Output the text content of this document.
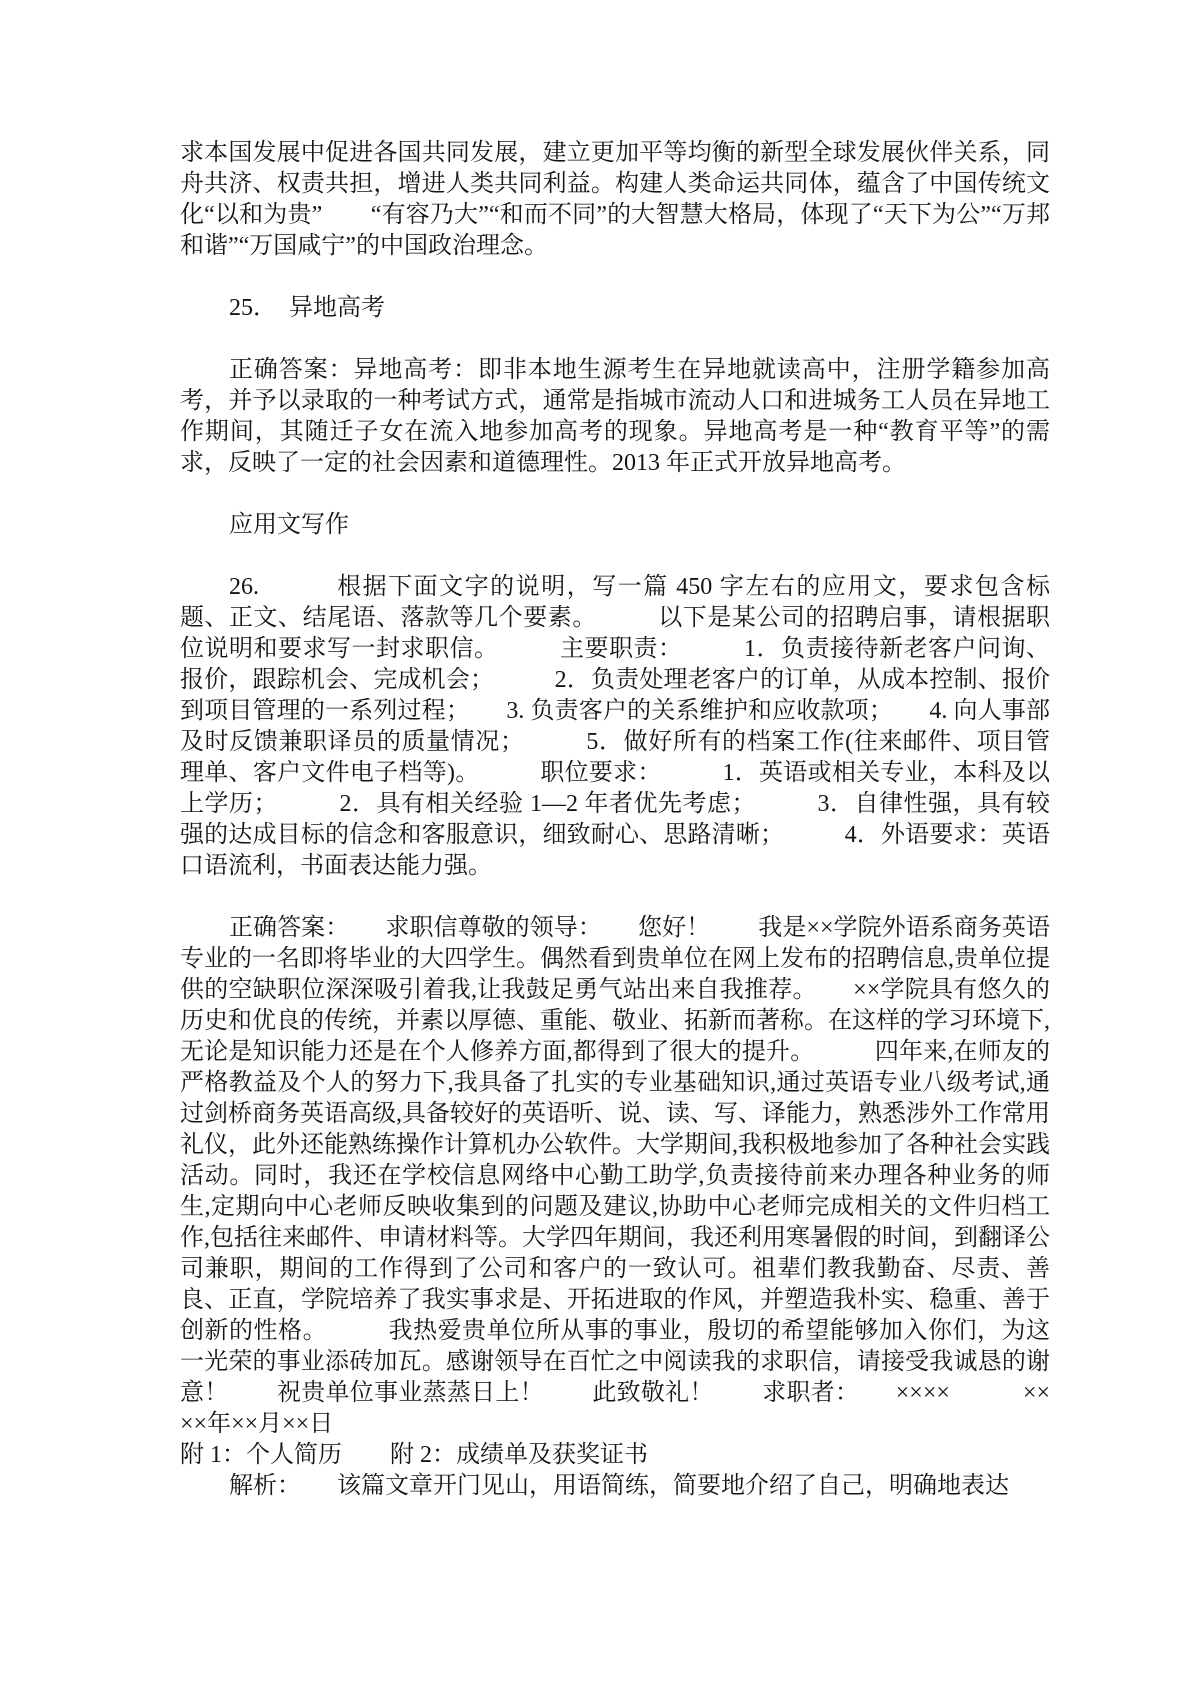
求本国发展中促进各国共同发展，建立更加平等均衡的新型全球发展伙伴关系，同舟共济、权责共担，增进人类共同利益。构建人类命运共同体，蕴含了中国传统文化“以和为贵”　　“有容乃大”“和而不同”的大智慧大格局，体现了“天下为公”“万邦和谐”“万国咸宁”的中国政治理念。

25．　异地高考

正确答案：异地高考：即非本地生源考生在异地就读高中，注册学籍参加高考，并予以录取的一种考试方式，通常是指城市流动人口和进城务工人员在异地工作期间，其随迁子女在流入地参加高考的现象。异地高考是一种“教育平等”的需求，反映了一定的社会因素和道德理性。2013 年正式开放异地高考。

应用文写作

26.　　　根据下面文字的说明，写一篇 450 字左右的应用文，要求包含标题、正文、结尾语、落款等几个要素。　　　以下是某公司的招聘启事，请根据职位说明和要求写一封求职信。　　　主要职责：　　　1．负责接待新老客户问询、报价，跟踪机会、完成机会；　　　2．负责处理老客户的订单，从成本控制、报价到项目管理的一系列过程；　　3. 负责客户的关系维护和应收款项；　　4. 向人事部及时反馈兼职译员的质量情况；　　　5．做好所有的档案工作(往来邮件、项目管理单、客户文件电子档等)。　　　职位要求：　　　1．英语或相关专业，本科及以上学历；　　　2．具有相关经验 1—2 年者优先考虑；　　　3．自律性强，具有较强的达成目标的信念和客服意识，细致耐心、思路清晰；　　　4．外语要求：英语口语流利，书面表达能力强。

正确答案：　　求职信尊敬的领导：　　您好！　　我是××学院外语系商务英语专业的一名即将毕业的大四学生。偶然看到贵单位在网上发布的招聘信息,贵单位提供的空缺职位深深吸引着我,让我鼓足勇气站出来自我推荐。　　××学院具有悠久的历史和优良的传统，并素以厚德、重能、敬业、拓新而著称。在这样的学习环境下,无论是知识能力还是在个人修养方面,都得到了很大的提升。　　　四年来,在师友的严格教益及个人的努力下,我具备了扎实的专业基础知识,通过英语专业八级考试,通过剑桥商务英语高级,具备较好的英语听、说、读、写、译能力，熟悉涉外工作常用礼仪，此外还能熟练操作计算机办公软件。大学期间,我积极地参加了各种社会实践活动。同时，我还在学校信息网络中心勤工助学,负责接待前来办理各种业务的师生,定期向中心老师反映收集到的问题及建议,协助中心老师完成相关的文件归档工作,包括往来邮件、申请材料等。大学四年期间，我还利用寒暑假的时间，到翻译公司兼职，期间的工作得到了公司和客户的一致认可。祖辈们教我勤奋、尽责、善良、正直，学院培养了我实事求是、开拓进取的作风，并塑造我朴实、稳重、善于创新的性格。　　　我热爱贵单位所从事的事业，殷切的希望能够加入你们，为这一光荣的事业添砖加瓦。感谢领导在百忙之中阅读我的求职信，请接受我诚恳的谢意！　　祝贵单位事业蒸蒸日上！　　此致敬礼！　　求职者：　　××××　　　××××年××月××日

附 1：个人简历　　附 2：成绩单及获奖证书

解析：　　该篇文章开门见山，用语简练，简要地介绍了自己，明确地表达
